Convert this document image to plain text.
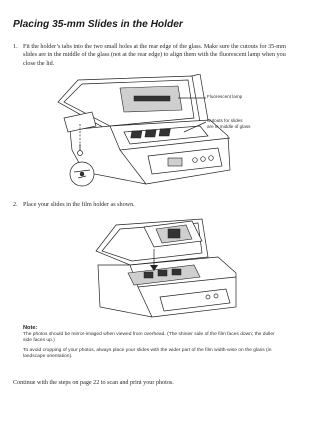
Placing 35-mm Slides in the Holder
1. Fit the holder’s tabs into the two small holes at the rear edge of the glass. Make sure the cutouts for 35-mm slides are in the middle of the glass (not at the rear edge) to align them with the fluorescent lamp when you close the lid.
Fluorescent lamp
Cutouts for slides
are in middle of glass
2. Place your slides in the film holder as shown.
Note:
The photos should be mirror-imaged when viewed from overhead. (The shinier side of the film faces down; the duller side faces up.)
To avoid cropping of your photos, always place your slides with the wider part of the film width-wise on the glass (in landscape orientation).
Continue with the steps on page 22 to scan and print your photos.
